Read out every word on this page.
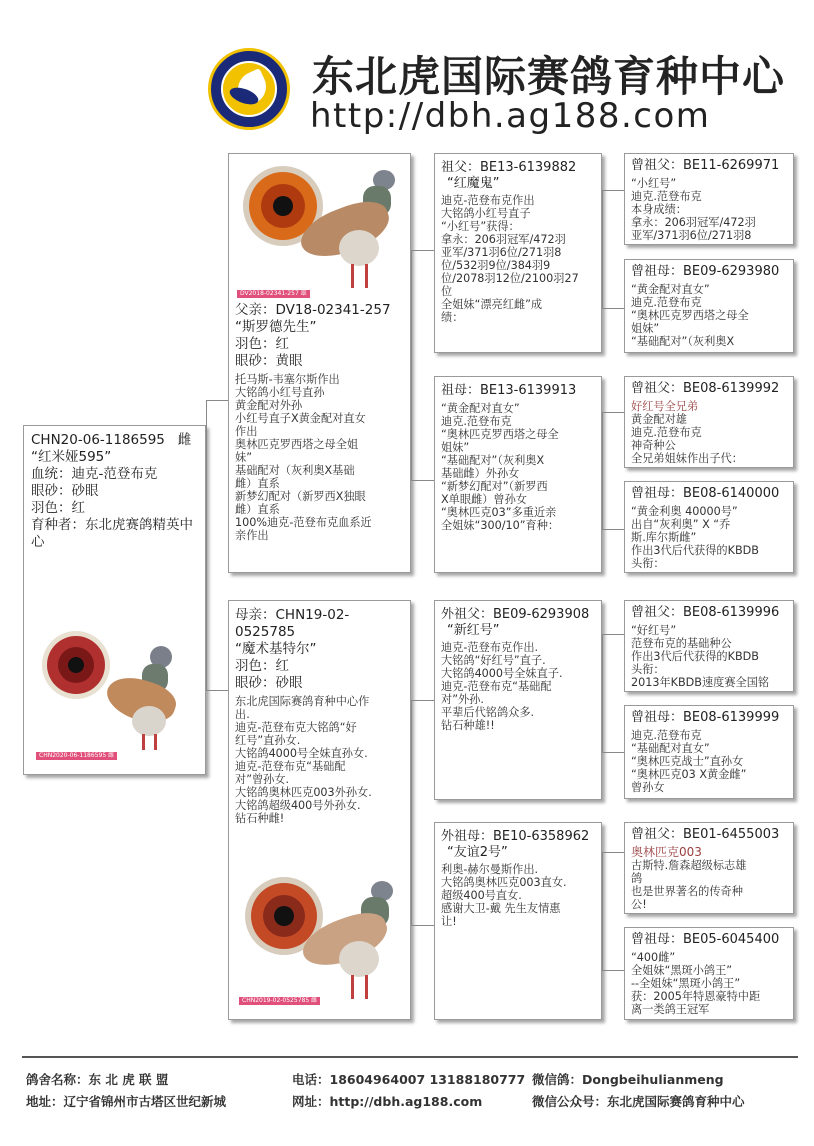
东北虎国际赛鸽育种中心
http://dbh.ag188.com
CHN20-06-1186595 雌
“红米娅595”
血统：迪克-范登布克
眼砂：砂眼
羽色：红
育种者：东北虎赛鸽精英中心
CHN2020-06-1186595 雌
DV2018-02341-257 雄
父亲：DV18-02341-257
“斯罗德先生”
羽色：红
眼砂：黄眼
托马斯-韦塞尔斯作出
大铭鸽小红号直孙
黄金配对外孙
小红号直子X黄金配对直女
作出
奥林匹克罗西塔之母全姐
妹”
基础配对（灰利奥X基础
雌）直系
新梦幻配对（新罗西X独眼
雌）直系
100%迪克-范登布克血系近
亲作出
母亲：CHN19-02-0525785
“魔术基特尔”
羽色：红
眼砂：砂眼
东北虎国际赛鸽育种中心作
出.
迪克-范登布克大铭鸽“好
红号”直孙女.
大铭鸽4000号全妹直孙女.
迪克-范登布克“基础配
对”曾孙女.
大铭鸽奥林匹克003外孙女.
大铭鸽超级400号外孙女.
钻石种雌!
CHN2019-02-0525785 雌
祖父：BE13-6139882
“红魔鬼”
迪克-范登布克作出
大铭鸽小红号直子
“小红号”获得：
拿永：206羽冠军/472羽
亚军/371羽6位/271羽8
位/532羽9位/384羽9
位/2078羽12位/2100羽27
位
全姐妹“漂亮红雌”成
绩：
祖母：BE13-6139913
“黄金配对直女”
迪克.范登布克
“奥林匹克罗西塔之母全
姐妹”
“基础配对”（灰利奥X
基础雌）外孙女
“新梦幻配对”（新罗西
X单眼雌）曾孙女
“奥林匹克03”多重近亲
全姐妹“300/10”育种：
外祖父：BE09-6293908
“新红号”
迪克-范登布克作出.
大铭鸽“好红号”直子.
大铭鸽4000号全妹直子.
迪克-范登布克“基础配
对”外孙.
平辈后代铭鸽众多.
钻石种雄!!
外祖母：BE10-6358962
“友谊2号”
利奥-赫尔曼斯作出.
大铭鸽奥林匹克003直女.
超级400号直女.
感谢大卫-戴 先生友情惠
让!
曾祖父：BE11-6269971
“小红号”
迪克.范登布克
本身成绩：
拿永：206羽冠军/472羽
亚军/371羽6位/271羽8
曾祖母：BE09-6293980
“黄金配对直女”
迪克.范登布克
“奥林匹克罗西塔之母全
姐妹”
“基础配对”（灰利奥X
曾祖父：BE08-6139992
好红号全兄弟
黄金配对雄
迪克.范登布克
神奇种公
全兄弟姐妹作出子代：
曾祖母：BE08-6140000
“黄金利奥 40000号”
出自“灰利奥” X “乔
斯.库尔斯雌”
作出3代后代获得的KBDB
头衔：
曾祖父：BE08-6139996
“好红号”
范登布克的基础种公
作出3代后代获得的KBDB
头衔：
2013年KBDB速度赛全国铭
曾祖母：BE08-6139999
迪克.范登布克
“基础配对直女”
“奥林匹克战士”直孙女
“奥林匹克03 X黄金雌”
曾孙女
曾祖父：BE01-6455003
奥林匹克003
古斯特.詹森超级标志雄
鸽
也是世界著名的传奇种
公!
曾祖母：BE05-6045400
“400雌”
全姐妹“黑斑小鸽王”
--全姐妹“黑斑小鸽王”
获：2005年特恩豪特中距
离一类鸽王冠军
鸽舍名称：东 北 虎 联 盟	电话：18604964007 13188180777 微信鸽：Dongbeihulianmeng
地址：辽宁省锦州市古塔区世纪新城	网址：http://dbh.ag188.com	微信公众号：东北虎国际赛鸽育种中心
